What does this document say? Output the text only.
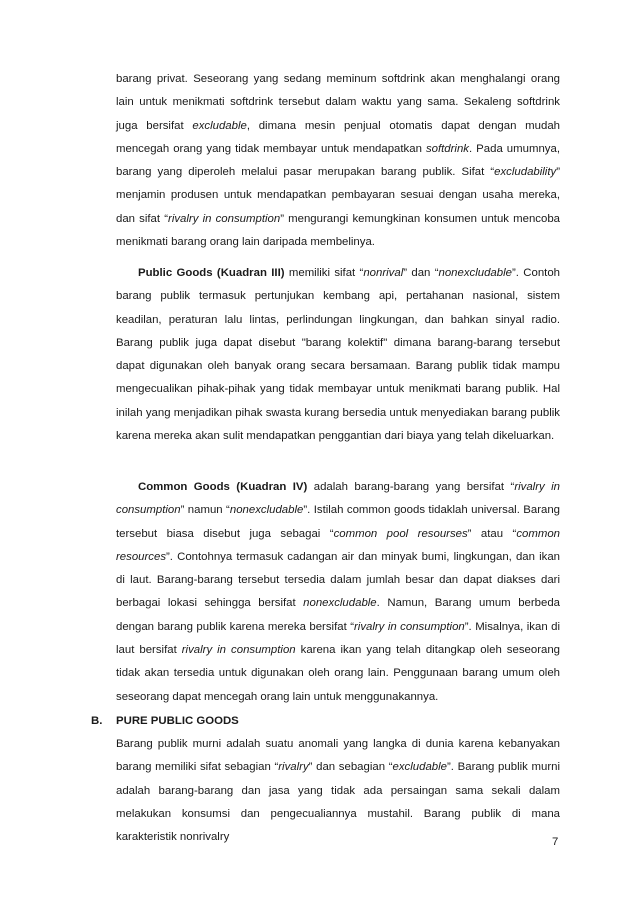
barang privat. Seseorang yang sedang meminum softdrink akan menghalangi orang lain untuk menikmati softdrink tersebut dalam waktu yang sama. Sekaleng softdrink juga bersifat excludable, dimana mesin penjual otomatis dapat dengan mudah mencegah orang yang tidak membayar untuk mendapatkan softdrink. Pada umumnya, barang yang diperoleh melalui pasar merupakan barang publik. Sifat “excludability” menjamin produsen untuk mendapatkan pembayaran sesuai dengan usaha mereka, dan sifat “rivalry in consumption” mengurangi kemungkinan konsumen untuk mencoba menikmati barang orang lain daripada membelinya.

Public Goods (Kuadran III) memiliki sifat “nonrival” dan “nonexcludable”. Contoh barang publik termasuk pertunjukan kembang api, pertahanan nasional, sistem keadilan, peraturan lalu lintas, perlindungan lingkungan, dan bahkan sinyal radio. Barang publik juga dapat disebut "barang kolektif" dimana barang-barang tersebut dapat digunakan oleh banyak orang secara bersamaan. Barang publik tidak mampu mengecualikan pihak-pihak yang tidak membayar untuk menikmati barang publik. Hal inilah yang menjadikan pihak swasta kurang bersedia untuk menyediakan barang publik karena mereka akan sulit mendapatkan penggantian dari biaya yang telah dikeluarkan.

Common Goods (Kuadran IV) adalah barang-barang yang bersifat “rivalry in consumption” namun “nonexcludable”. Istilah common goods tidaklah universal. Barang tersebut biasa disebut juga sebagai “common pool resourses” atau “common resources”. Contohnya termasuk cadangan air dan minyak bumi, lingkungan, dan ikan di laut. Barang-barang tersebut tersedia dalam jumlah besar dan dapat diakses dari berbagai lokasi sehingga bersifat nonexcludable. Namun, Barang umum berbeda dengan barang publik karena mereka bersifat “rivalry in consumption”. Misalnya, ikan di laut bersifat rivalry in consumption karena ikan yang telah ditangkap oleh seseorang tidak akan tersedia untuk digunakan oleh orang lain. Penggunaan barang umum oleh seseorang dapat mencegah orang lain untuk menggunakannya.

B. PURE PUBLIC GOODS

Barang publik murni adalah suatu anomali yang langka di dunia karena kebanyakan barang memiliki sifat sebagian “rivalry” dan sebagian “excludable”. Barang publik murni adalah barang-barang dan jasa yang tidak ada persaingan sama sekali dalam melakukan konsumsi dan pengecualiannya mustahil. Barang publik di mana karakteristik nonrivalry	7
